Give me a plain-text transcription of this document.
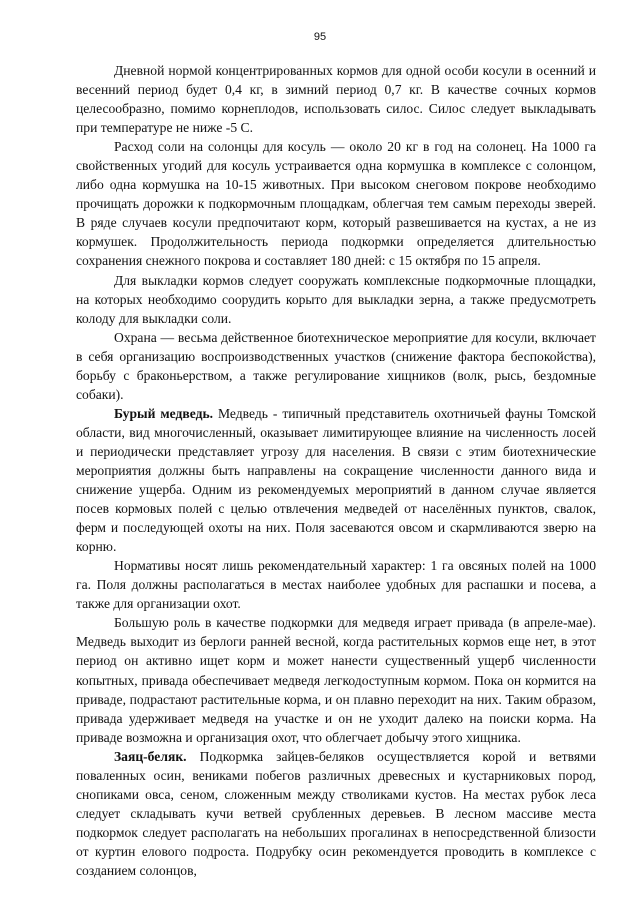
95

Дневной нормой концентрированных кормов для одной особи косули в осенний и весенний период будет 0,4 кг, в зимний период 0,7 кг. В качестве сочных кормов целесообразно, помимо корнеплодов, использовать силос. Силос следует выкладывать при температуре не ниже -5 С.

Расход соли на солонцы для косуль — около 20 кг в год на солонец. На 1000 га свойственных угодий для косуль устраивается одна кормушка в комплексе с солонцом, либо одна кормушка на 10-15 животных. При высоком снеговом покрове необходимо прочищать дорожки к подкормочным площадкам, облегчая тем самым переходы зверей. В ряде случаев косули предпочитают корм, который развешивается на кустах, а не из кормушек. Продолжительность периода подкормки определяется длительностью сохранения снежного покрова и составляет 180 дней: с 15 октября по 15 апреля.

Для выкладки кормов следует сооружать комплексные подкормочные площадки, на которых необходимо соорудить корыто для выкладки зерна, а также предусмотреть колоду для выкладки соли.

Охрана — весьма действенное биотехническое мероприятие для косули, включает в себя организацию воспроизводственных участков (снижение фактора беспокойства), борьбу с браконьерством, а также регулирование хищников (волк, рысь, бездомные собаки).

Бурый медведь. Медведь - типичный представитель охотничьей фауны Томской области, вид многочисленный, оказывает лимитирующее влияние на численность лосей и периодически представляет угрозу для населения. В связи с этим биотехнические мероприятия должны быть направлены на сокращение численности данного вида и снижение ущерба. Одним из рекомендуемых мероприятий в данном случае является посев кормовых полей с целью отвлечения медведей от населённых пунктов, свалок, ферм и последующей охоты на них. Поля засеваются овсом и скармливаются зверю на корню.

Нормативы носят лишь рекомендательный характер: 1 га овсяных полей на 1000 га. Поля должны располагаться в местах наиболее удобных для распашки и посева, а также для организации охот.

Большую роль в качестве подкормки для медведя играет привада (в апреле-мае). Медведь выходит из берлоги ранней весной, когда растительных кормов еще нет, в этот период он активно ищет корм и может нанести существенный ущерб численности копытных, привада обеспечивает медведя легкодоступным кормом. Пока он кормится на приваде, подрастают растительные корма, и он плавно переходит на них. Таким образом, привада удерживает медведя на участке и он не уходит далеко на поиски корма. На приваде возможна и организация охот, что облегчает добычу этого хищника.

Заяц-беляк. Подкормка зайцев-беляков осуществляется корой и ветвями поваленных осин, вениками побегов различных древесных и кустарниковых пород, снопиками овса, сеном, сложенным между стволиками кустов. На местах рубок леса следует складывать кучи ветвей срубленных деревьев. В лесном массиве места подкормок следует располагать на небольших прогалинах в непосредственной близости от куртин елового подроста. Подрубку осин рекомендуется проводить в комплексе с созданием солонцов,
